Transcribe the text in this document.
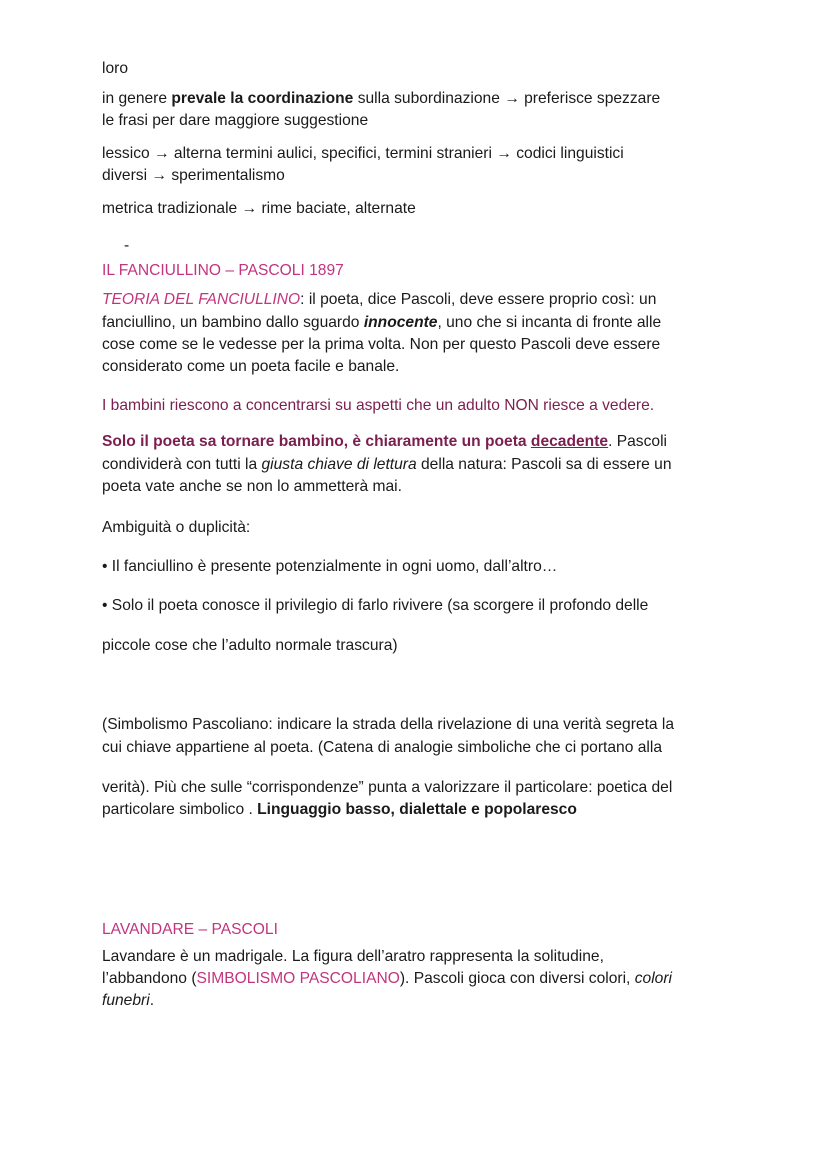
loro

in genere prevale la coordinazione sulla subordinazione → preferisce spezzare

le frasi per dare maggiore suggestione

lessico → alterna termini aulici, specifici, termini stranieri → codici linguistici

diversi → sperimentalismo

metrica tradizionale → rime baciate, alternate

-

IL FANCIULLINO – PASCOLI 1897

TEORIA DEL FANCIULLINO: il poeta, dice Pascoli, deve essere proprio così: un

fanciullino, un bambino dallo sguardo innocente, uno che si incanta di fronte alle

cose come se le vedesse per la prima volta. Non per questo Pascoli deve essere

considerato come un poeta facile e banale.

I bambini riescono a concentrarsi su aspetti che un adulto NON riesce a vedere.

Solo il poeta sa tornare bambino, è chiaramente un poeta decadente. Pascoli

condividerà con tutti la giusta chiave di lettura della natura: Pascoli sa di essere un

poeta vate anche se non lo ammetterà mai.

Ambiguità o duplicità:

• Il fanciullino è presente potenzialmente in ogni uomo, dall’altro…

• Solo il poeta conosce il privilegio di farlo rivivere (sa scorgere il profondo delle

piccole cose che l’adulto normale trascura)

(Simbolismo Pascoliano: indicare la strada della rivelazione di una verità segreta la

cui chiave appartiene al poeta. (Catena di analogie simboliche che ci portano alla

verità). Più che sulle “corrispondenze” punta a valorizzare il particolare: poetica del

particolare simbolico . Linguaggio basso, dialettale e popolaresco

LAVANDARE – PASCOLI

Lavandare è un madrigale. La figura dell’aratro rappresenta la solitudine,

l’abbandono (SIMBOLISMO PASCOLIANO). Pascoli gioca con diversi colori, colori

funebri.
